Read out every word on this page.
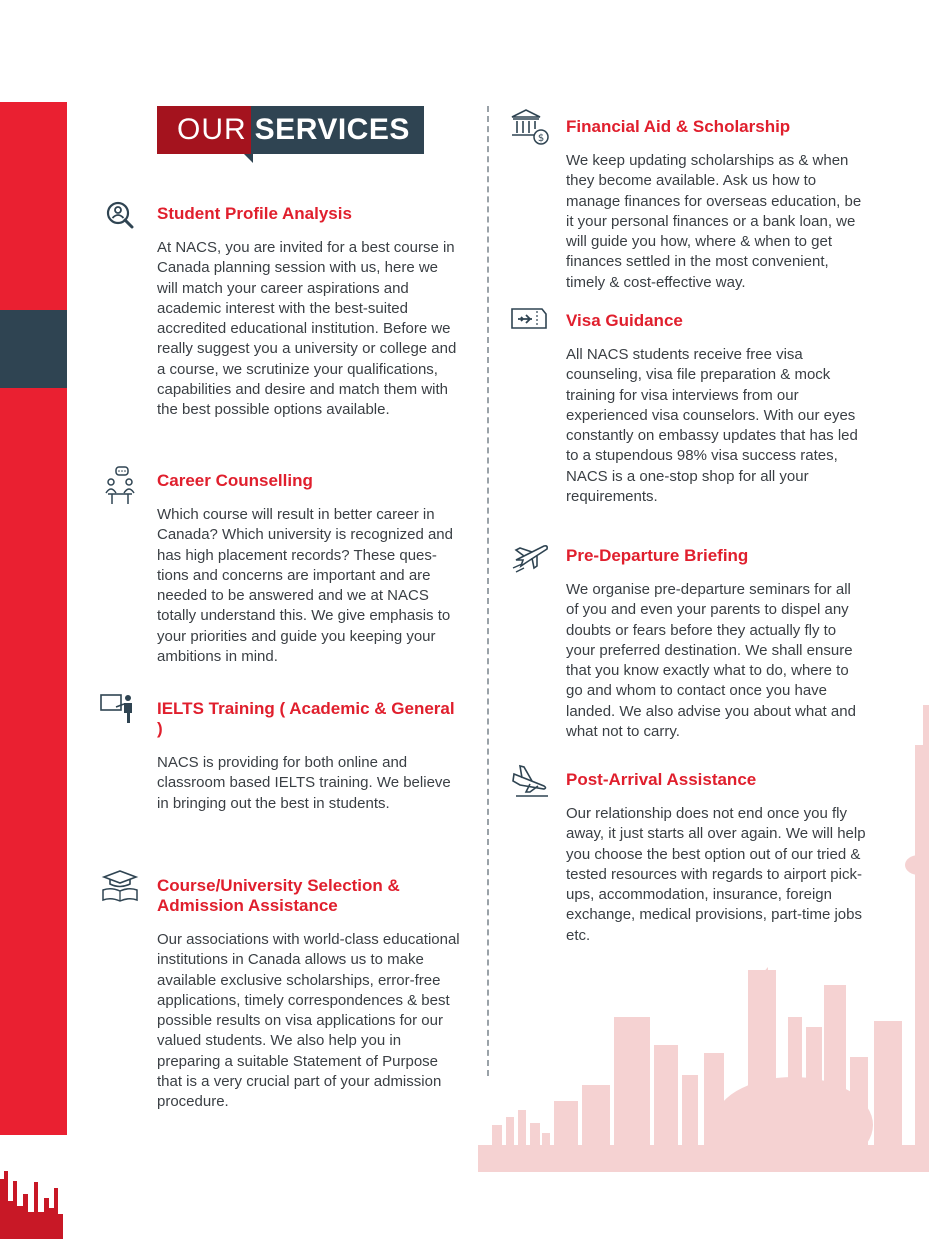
OUR SERVICES
Student Profile Analysis

At NACS, you are invited for a best course in Canada planning session with us, here we will match your career aspirations and academic interest with the best-suited accredited educational institution. Before we really suggest you a university or college and a course, we scrutinize your qualifications, capabilities and desire and match them with the best possible options available.

Career Counselling

Which course will result in better career in Canada? Which university is recognized and has high placement records? These ques-tions and concerns are important and are needed to be answered and we at NACS totally understand this. We give emphasis to your priorities and guide you keeping your ambitions in mind.

IELTS Training ( Academic & General )

NACS is providing for both online and classroom based IELTS training. We believe in bringing out the best in students.

Course/University Selection & Admission Assistance

Our associations with world-class educational institutions in Canada allows us to make available exclusive scholarships, error-free applications, timely correspondences & best possible results on visa applications for our valued students. We also help you in preparing a suitable Statement of Purpose that is a very crucial part of your admission procedure.

$
Financial Aid & Scholarship

We keep updating scholarships as & when they become available. Ask us how to manage finances for overseas education, be it your personal finances or a bank loan, we will guide you how, where & when to get finances settled in the most convenient, timely & cost-effective way.

Visa Guidance

All NACS students receive free visa counseling, visa file preparation & mock training for visa interviews from our experienced visa counselors. With our eyes constantly on embassy updates that has led to a stupendous 98% visa success rates, NACS is a one-stop shop for all your requirements.

Pre-Departure Briefing

We organise pre-departure seminars for all of you and even your parents to dispel any doubts or fears before they actually fly to your preferred destination. We shall ensure that you know exactly what to do, where to go and whom to contact once you have landed. We also advise you about what and what not to carry.

Post-Arrival Assistance

Our relationship does not end once you fly away, it just starts all over again. We will help you choose the best option out of our tried & tested resources with regards to airport pick-ups, accommodation, insurance, foreign exchange, medical provisions, part-time jobs etc.
